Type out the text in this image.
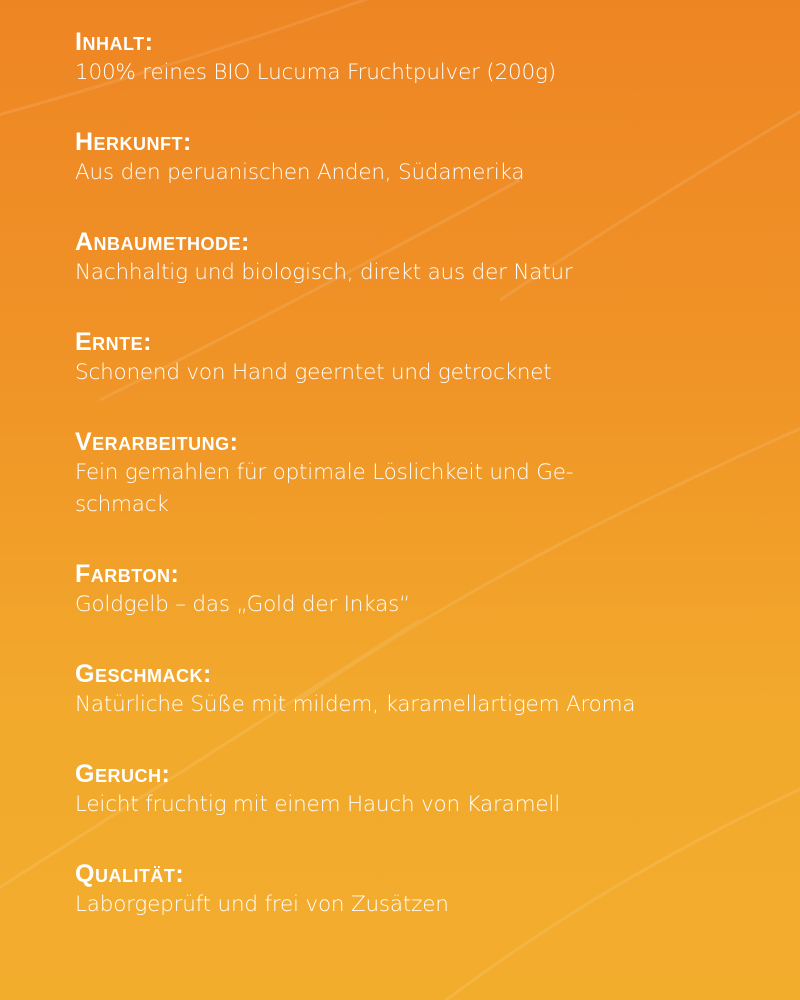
Inhalt:
100% reines BIO Lucuma Fruchtpulver (200g)
Herkunft:
Aus den peruanischen Anden, Südamerika
Anbaumethode:
Nachhaltig und biologisch, direkt aus der Natur
Ernte:
Schonend von Hand geerntet und getrocknet
Verarbeitung:
Fein gemahlen für optimale Löslichkeit und Ge-
schmack
Farbton:
Goldgelb – das „Gold der Inkas“
Geschmack:
Natürliche Süße mit mildem, karamellartigem Aroma
Geruch:
Leicht fruchtig mit einem Hauch von Karamell
Qualität:
Laborgeprüft und frei von Zusätzen
